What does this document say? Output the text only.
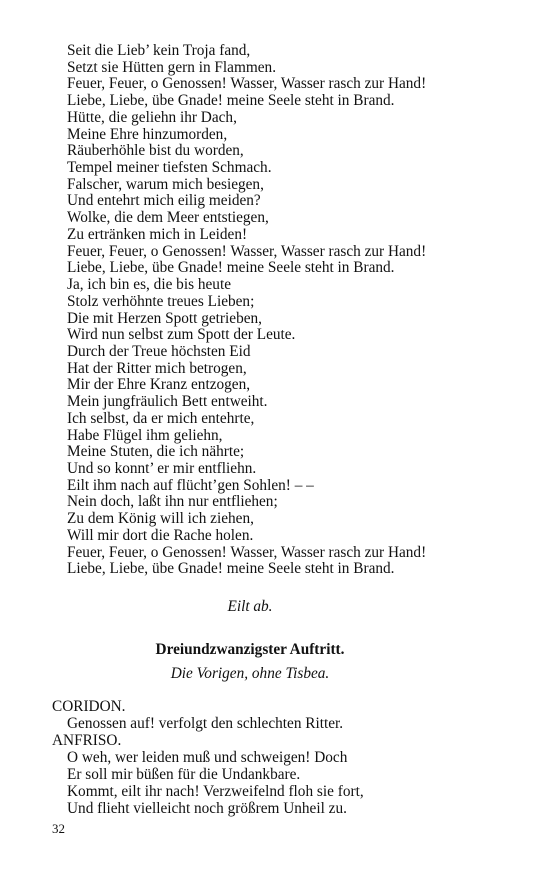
Seit die Lieb’ kein Troja fand,
Setzt sie Hütten gern in Flammen.
Feuer, Feuer, o Genossen! Wasser, Wasser rasch zur Hand!
Liebe, Liebe, übe Gnade! meine Seele steht in Brand.
Hütte, die geliehn ihr Dach,
Meine Ehre hinzumorden,
Räuberhöhle bist du worden,
Tempel meiner tiefsten Schmach.
Falscher, warum mich besiegen,
Und entehrt mich eilig meiden?
Wolke, die dem Meer entstiegen,
Zu ertränken mich in Leiden!
Feuer, Feuer, o Genossen! Wasser, Wasser rasch zur Hand!
Liebe, Liebe, übe Gnade! meine Seele steht in Brand.
Ja, ich bin es, die bis heute
Stolz verhöhnte treues Lieben;
Die mit Herzen Spott getrieben,
Wird nun selbst zum Spott der Leute.
Durch der Treue höchsten Eid
Hat der Ritter mich betrogen,
Mir der Ehre Kranz entzogen,
Mein jungfräulich Bett entweiht.
Ich selbst, da er mich entehrte,
Habe Flügel ihm geliehn,
Meine Stuten, die ich nährte;
Und so konnt’ er mir entfliehn.
Eilt ihm nach auf flücht’gen Sohlen! – –
Nein doch, laßt ihn nur entfliehen;
Zu dem König will ich ziehen,
Will mir dort die Rache holen.
Feuer, Feuer, o Genossen! Wasser, Wasser rasch zur Hand!
Liebe, Liebe, übe Gnade! meine Seele steht in Brand.
Eilt ab.
Dreiundzwanzigster Auftritt.
Die Vorigen, ohne Tisbea.
CORIDON.
Genossen auf! verfolgt den schlechten Ritter.
ANFRISO.
O weh, wer leiden muß und schweigen! Doch
Er soll mir büßen für die Undankbare.
Kommt, eilt ihr nach! Verzweifelnd floh sie fort,
Und flieht vielleicht noch größrem Unheil zu.
32
